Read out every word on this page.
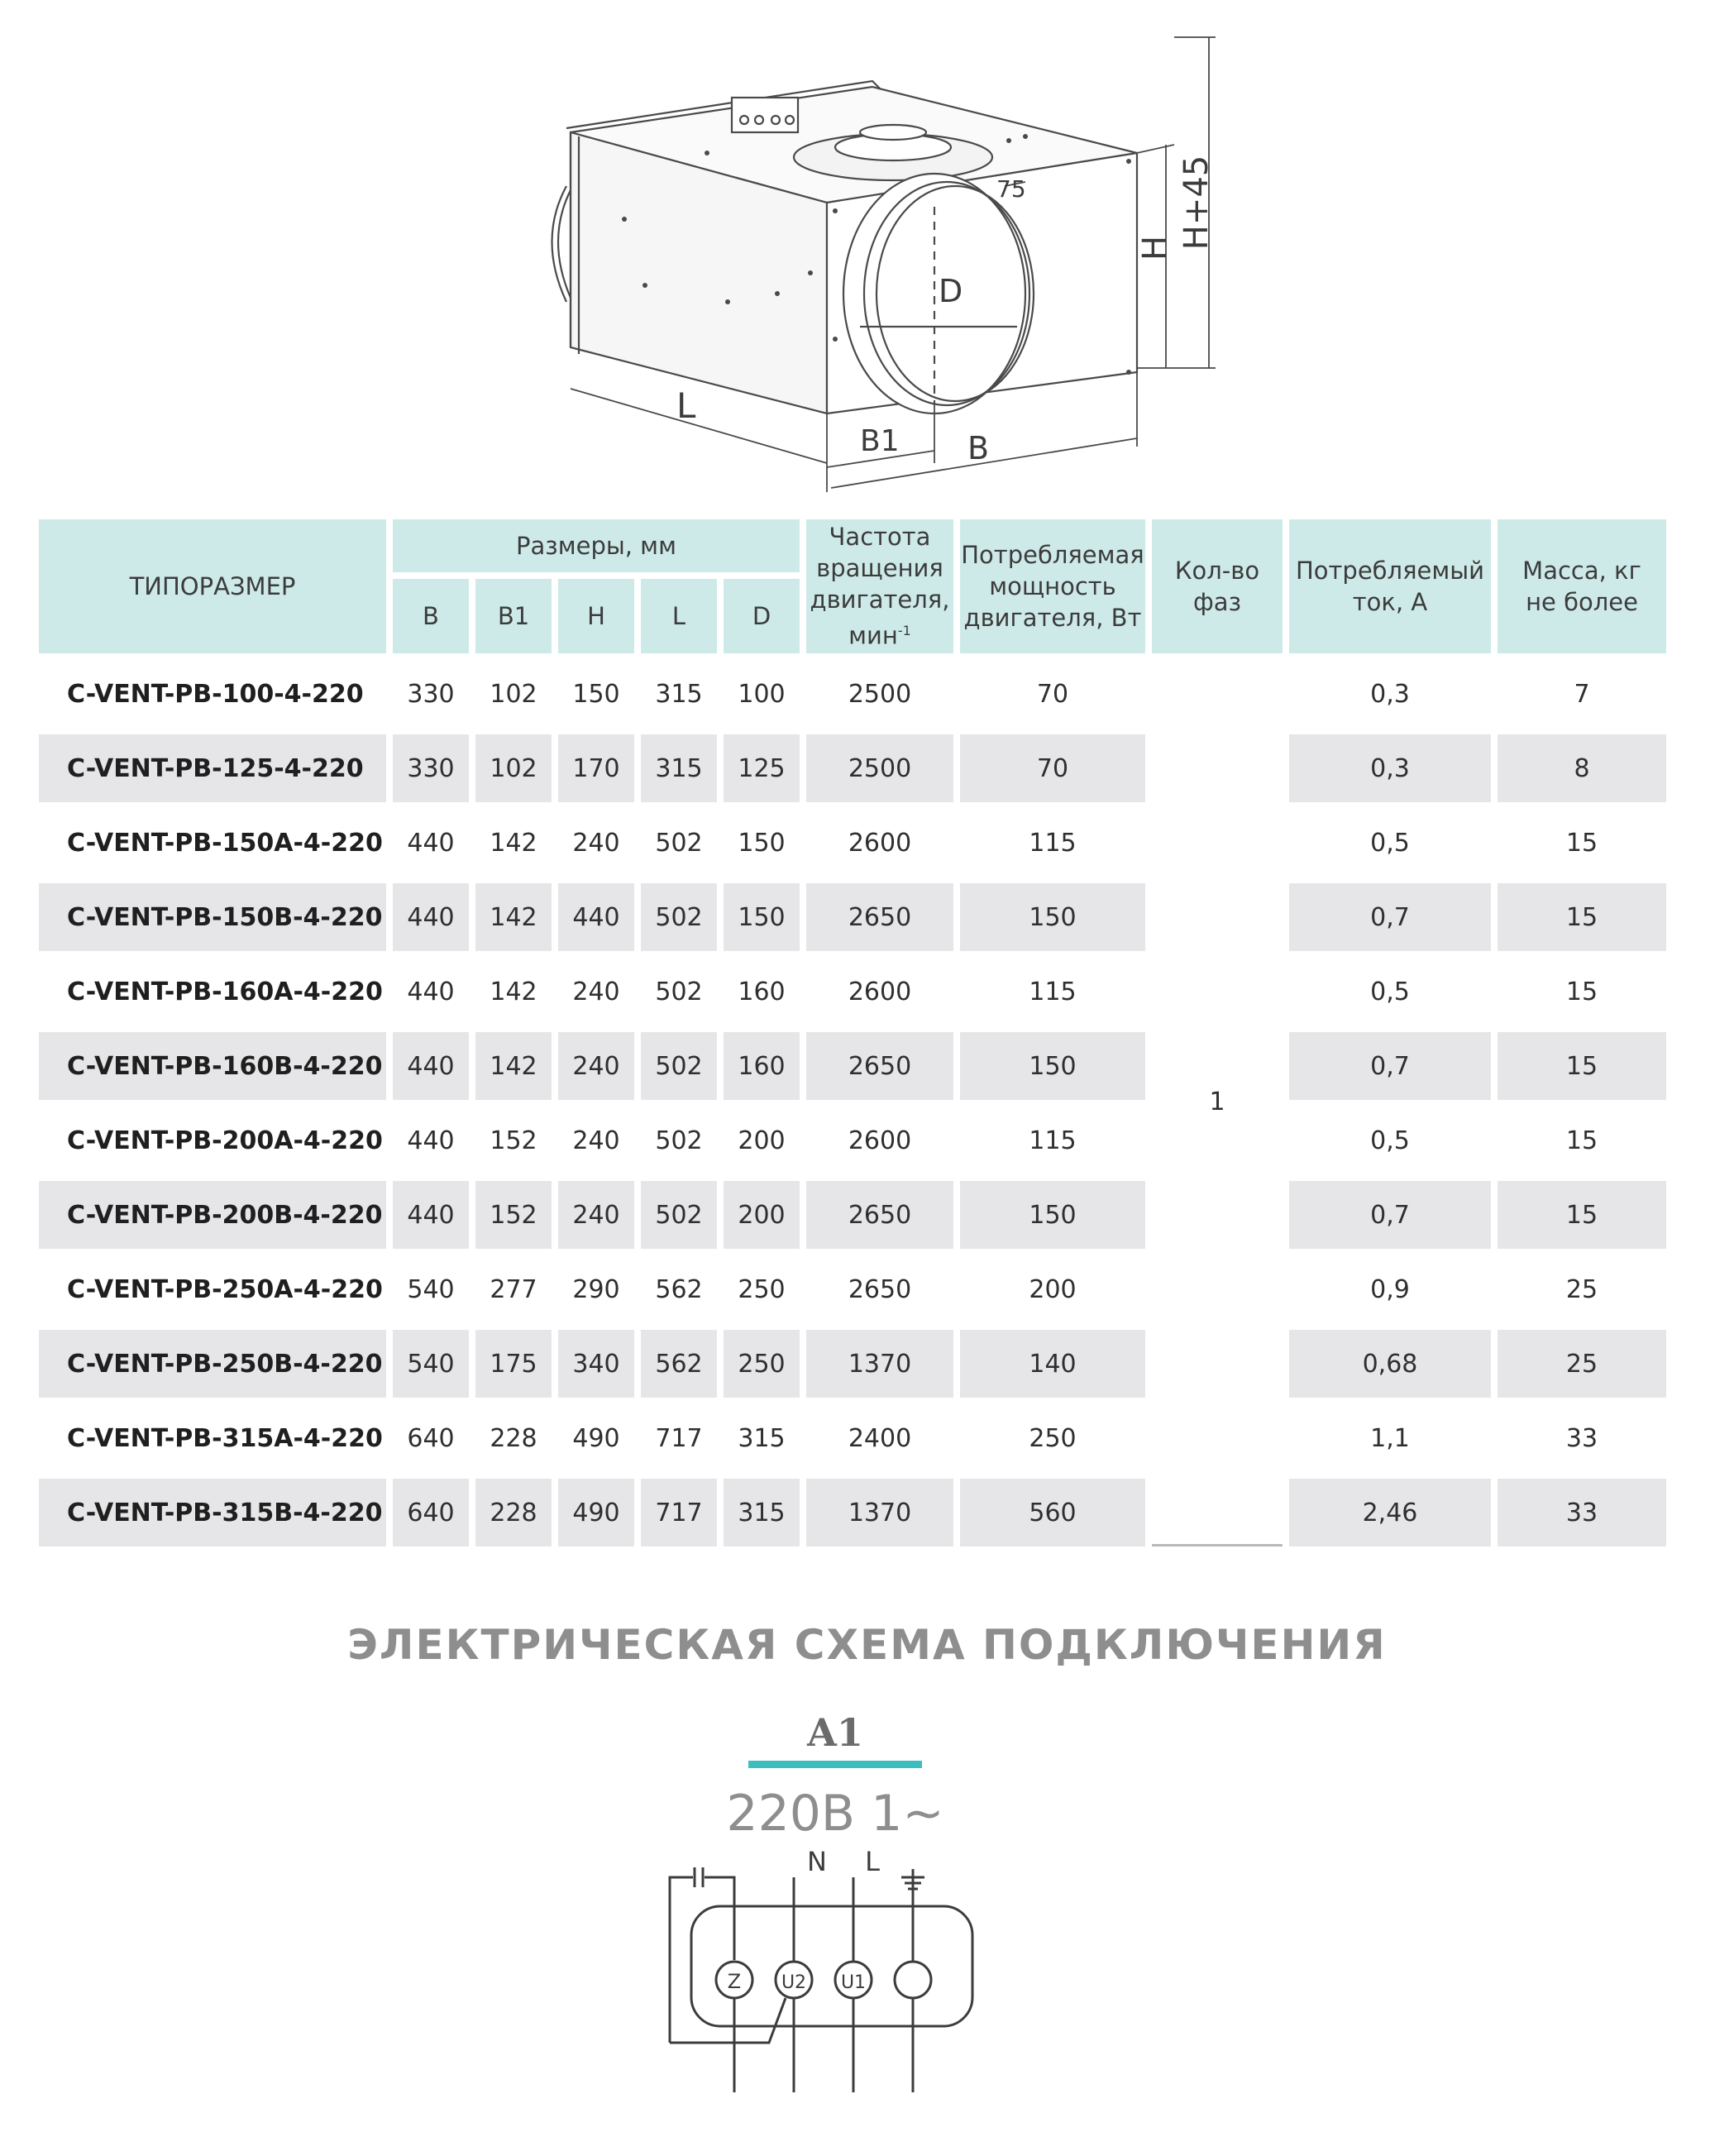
L
B1 B
D
75
H H+45
ТИПОРАЗМЕР	Размеры, мм					Частота
вращения
двигателя,
мин$^{-1}$	Потребляемая
мощность
двигателя, Вт	Кол-во
фаз	Потребляемый
ток, А	Масса, кг
не более
	B	B1	H	L	D					
C-VENT-PB-100-4-220	330	102	150	315	100	2500	70	1	0,3	7
C-VENT-PB-125-4-220	330	102	170	315	125	2500	70		0,3	8
C-VENT-PB-150A-4-220	440	142	240	502	150	2600	115		0,5	15
C-VENT-PB-150B-4-220	440	142	440	502	150	2650	150		0,7	15
C-VENT-PB-160A-4-220	440	142	240	502	160	2600	115		0,5	15
C-VENT-PB-160B-4-220	440	142	240	502	160	2650	150		0,7	15
C-VENT-PB-200A-4-220	440	152	240	502	200	2600	115		0,5	15
C-VENT-PB-200B-4-220	440	152	240	502	200	2650	150		0,7	15
C-VENT-PB-250A-4-220	540	277	290	562	250	2650	200		0,9	25
C-VENT-PB-250B-4-220	540	175	340	562	250	1370	140		0,68	25
C-VENT-PB-315A-4-220	640	228	490	717	315	2400	250		1,1	33
C-VENT-PB-315B-4-220	640	228	490	717	315	1370	560		2,46	33
ЭЛЕКТРИЧЕСКАЯ СХЕМА ПОДКЛЮЧЕНИЯ
A1
220В 1~
N L
Z U2 U1
